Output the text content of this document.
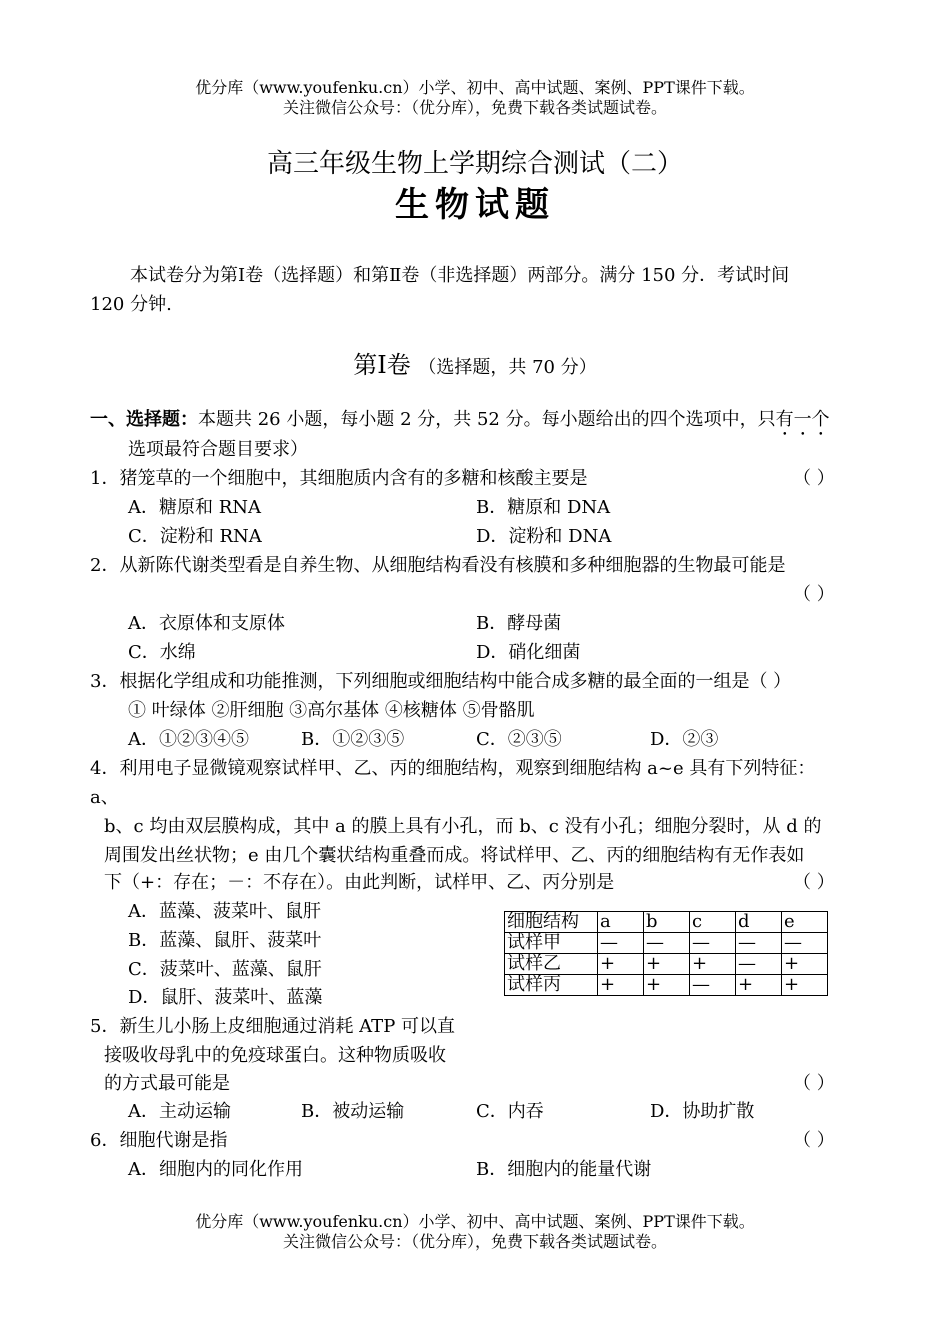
优分库（www.youfenku.cn）小学、初中、高中试题、案例、PPT课件下载。
关注微信公众号：（优分库），免费下载各类试题试卷。
高三年级生物上学期综合测试（二）
生物试题
本试卷分为第Ⅰ卷（选择题）和第Ⅱ卷（非选择题）两部分。满分 150 分．考试时间
120 分钟.
第Ⅰ卷 （选择题，共 70 分）
一、选择题：本题共 26 小题，每小题 2 分，共 52 分。每小题给出的四个选项中，只有一个
选项最符合题目要求）
1．猪笼草的一个细胞中，其细胞质内含有的多糖和核酸主要是	（ ）
A．糖原和 RNA	B．糖原和 DNA
C．淀粉和 RNA	D．淀粉和 DNA
2．从新陈代谢类型看是自养生物、从细胞结构看没有核膜和多种细胞器的生物最可能是
（ ）
A．衣原体和支原体	B．酵母菌
C．水绵	D．硝化细菌
3．根据化学组成和功能推测，下列细胞或细胞结构中能合成多糖的最全面的一组是（ ）
① 叶绿体 ②肝细胞 ③高尔基体 ④核糖体 ⑤骨骼肌
A．①②③④⑤	B．①②③⑤	C．②③⑤	D．②③
4．利用电子显微镜观察试样甲、乙、丙的细胞结构，观察到细胞结构 a~e 具有下列特征：
a、
b、c 均由双层膜构成，其中 a 的膜上具有小孔，而 b、c 没有小孔；细胞分裂时，从 d 的
周围发出丝状物；e 由几个囊状结构重叠而成。将试样甲、乙、丙的细胞结构有无作表如
下（+：存在；－：不存在）。由此判断，试样甲、乙、丙分别是	（ ）
A．蓝藻、菠菜叶、鼠肝
B．蓝藻、鼠肝、菠菜叶
C．菠菜叶、蓝藻、鼠肝
D．鼠肝、菠菜叶、蓝藻
细胞结构	a	b	c	d	e
试样甲	—	—	—	—	—
试样乙	+	+	+	—	+
试样丙	+	+	—	+	+
5．新生儿小肠上皮细胞通过消耗 ATP 可以直
接吸收母乳中的免疫球蛋白。这种物质吸收
的方式最可能是	（ ）
A．主动运输	B．被动运输	C．内吞	D．协助扩散
6．细胞代谢是指	（ ）
A．细胞内的同化作用	B．细胞内的能量代谢
优分库（www.youfenku.cn）小学、初中、高中试题、案例、PPT课件下载。
关注微信公众号：（优分库），免费下载各类试题试卷。
